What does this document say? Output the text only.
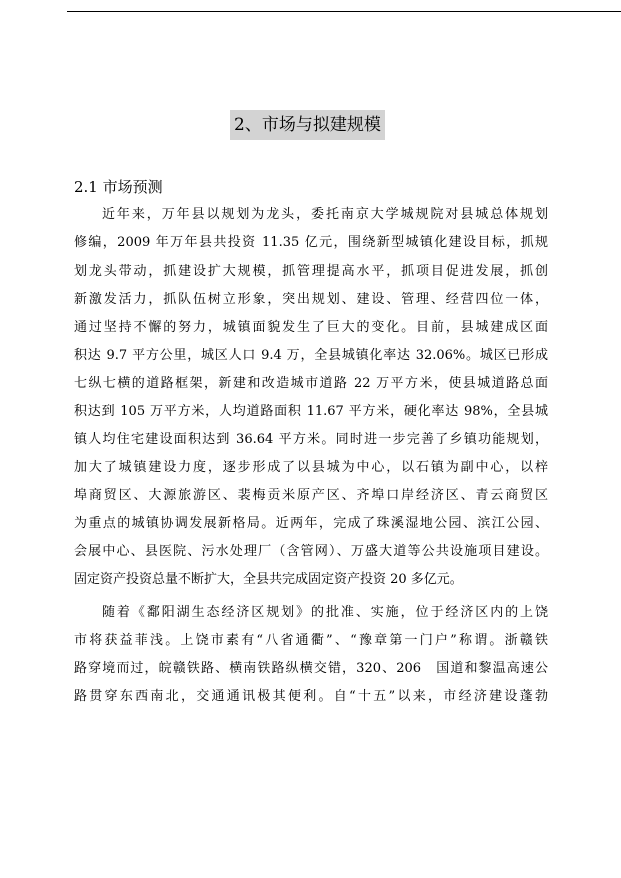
2、市场与拟建规模
2.1 市场预测
近年来，万年县以规划为龙头，委托南京大学城规院对县城总体规划
修编，2009 年万年县共投资 11.35 亿元，围绕新型城镇化建设目标，抓规
划龙头带动，抓建设扩大规模，抓管理提高水平，抓项目促进发展，抓创
新激发活力，抓队伍树立形象，突出规划、建设、管理、经营四位一体，
通过坚持不懈的努力，城镇面貌发生了巨大的变化。目前，县城建成区面
积达 9.7 平方公里，城区人口 9.4 万，全县城镇化率达 32.06%。城区已形成
七纵七横的道路框架，新建和改造城市道路 22 万平方米，使县城道路总面
积达到 105 万平方米，人均道路面积 11.67 平方米，硬化率达 98%，全县城
镇人均住宅建设面积达到 36.64 平方米。同时进一步完善了乡镇功能规划，
加大了城镇建设力度，逐步形成了以县城为中心，以石镇为副中心，以梓
埠商贸区、大源旅游区、裴梅贡米原产区、齐埠口岸经济区、青云商贸区
为重点的城镇协调发展新格局。近两年，完成了珠溪湿地公园、滨江公园、
会展中心、县医院、污水处理厂（含管网）、万盛大道等公共设施项目建设。
固定资产投资总量不断扩大，全县共完成固定资产投资 20 多亿元。
随着《鄱阳湖生态经济区规划》的批准、实施，位于经济区内的上饶
市将获益菲浅。上饶市素有“八省通衢”、“豫章第一门户”称谓。浙赣铁
路穿境而过，皖赣铁路、横南铁路纵横交错，320、206　国道和黎温高速公
路贯穿东西南北，交通通讯极其便利。自“十五”以来，市经济建设蓬勃
